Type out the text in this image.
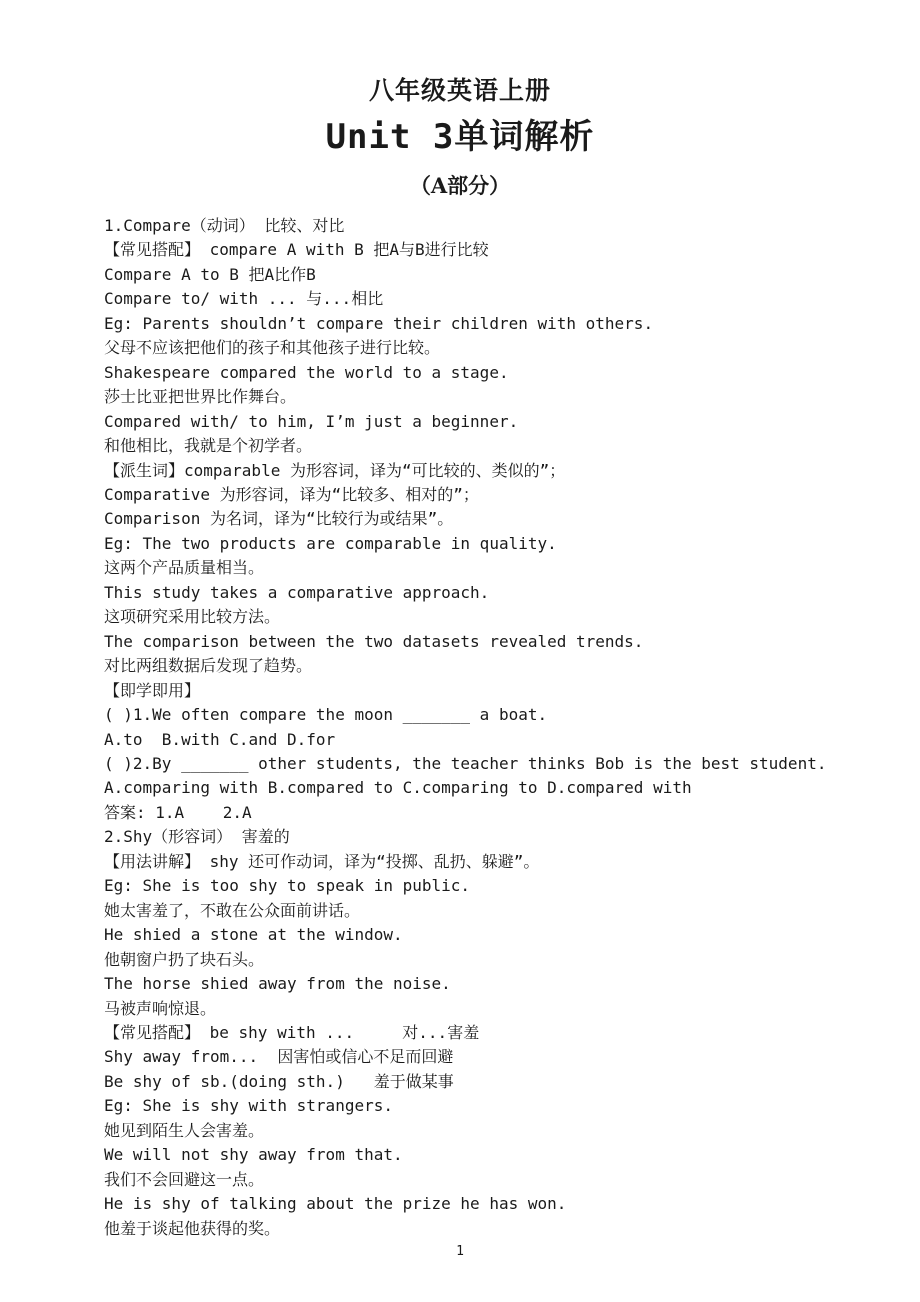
八年级英语上册
Unit 3单词解析
（A部分）
1.Compare（动词） 比较、对比
【常见搭配】 compare A with B 把A与B进行比较
Compare A to B 把A比作B
Compare to/ with ... 与...相比
Eg: Parents shouldn’t compare their children with others.
父母不应该把他们的孩子和其他孩子进行比较。
Shakespeare compared the world to a stage.
莎士比亚把世界比作舞台。
Compared with/ to him, I’m just a beginner.
和他相比，我就是个初学者。
【派生词】comparable 为形容词，译为“可比较的、类似的”；
Comparative 为形容词，译为“比较多、相对的”；
Comparison 为名词，译为“比较行为或结果”。
Eg: The two products are comparable in quality.
这两个产品质量相当。
This study takes a comparative approach.
这项研究采用比较方法。
The comparison between the two datasets revealed trends.
对比两组数据后发现了趋势。
【即学即用】
( )1.We often compare the moon _______ a boat.
A.to  B.with C.and D.for
( )2.By _______ other students, the teacher thinks Bob is the best student.
A.comparing with B.compared to C.comparing to D.compared with
答案: 1.A    2.A
2.Shy（形容词） 害羞的
【用法讲解】 shy 还可作动词，译为“投掷、乱扔、躲避”。
Eg: She is too shy to speak in public.
她太害羞了，不敢在公众面前讲话。
He shied a stone at the window.
他朝窗户扔了块石头。
The horse shied away from the noise.
马被声响惊退。
【常见搭配】 be shy with ...     对...害羞
Shy away from...  因害怕或信心不足而回避
Be shy of sb.(doing sth.)   羞于做某事
Eg: She is shy with strangers.
她见到陌生人会害羞。
We will not shy away from that.
我们不会回避这一点。
He is shy of talking about the prize he has won.
他羞于谈起他获得的奖。
1
